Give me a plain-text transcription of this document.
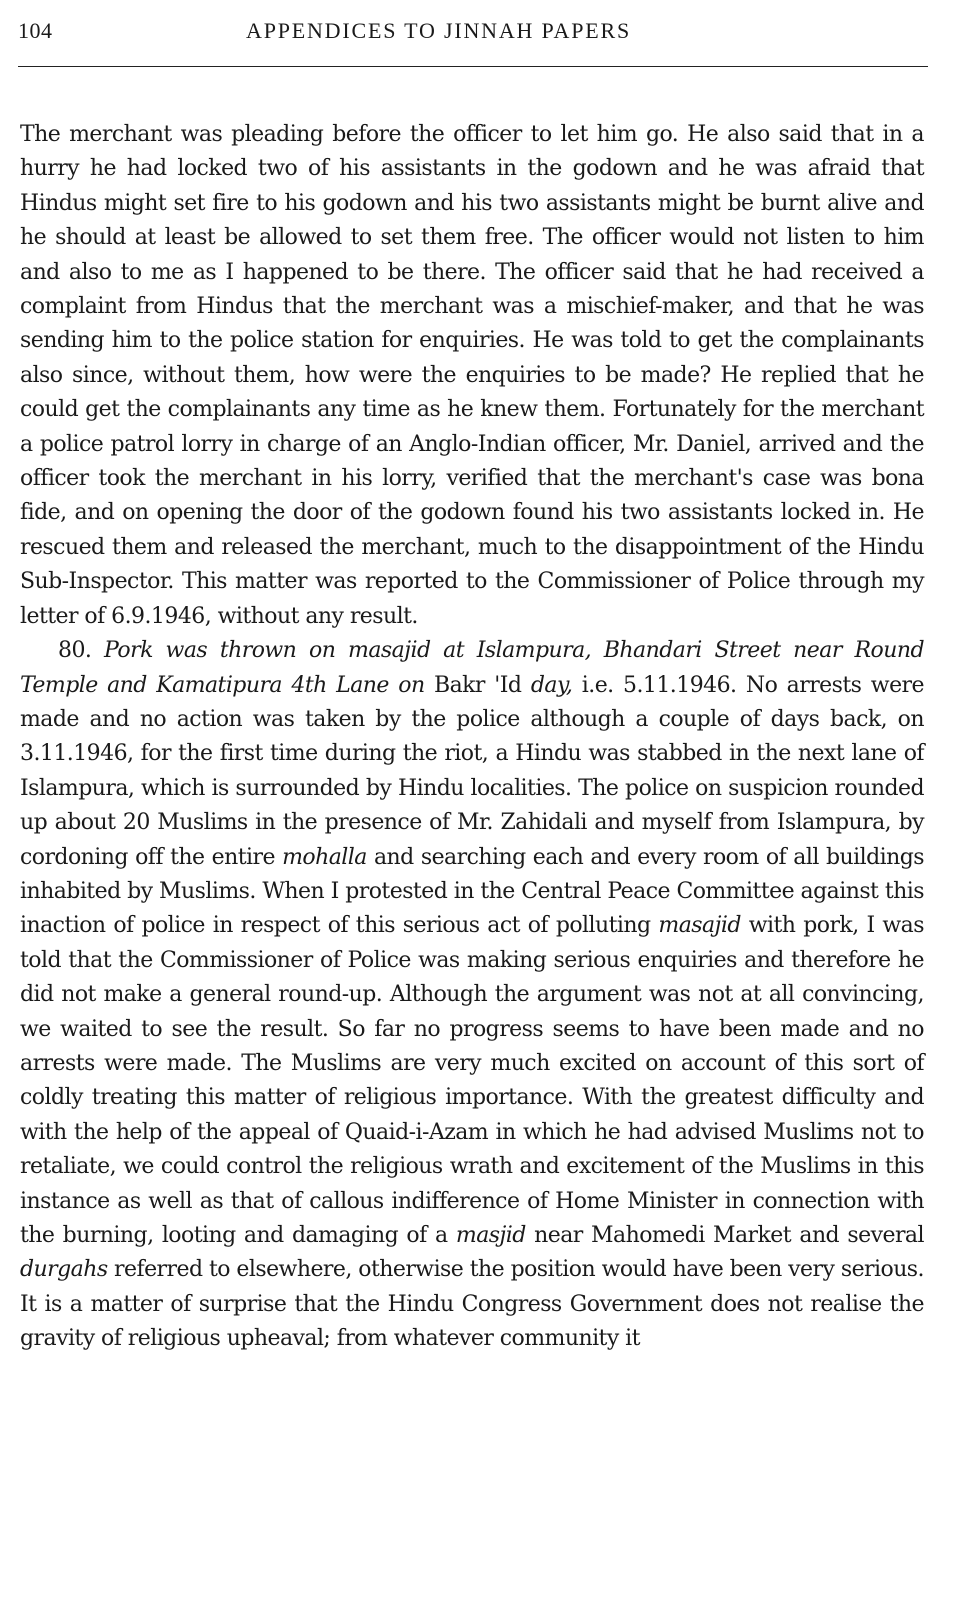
104	APPENDICES TO JINNAH PAPERS

The merchant was pleading before the officer to let him go. He also said that in a hurry he had locked two of his assistants in the godown and he was afraid that Hindus might set fire to his godown and his two assistants might be burnt alive and he should at least be allowed to set them free. The officer would not listen to him and also to me as I happened to be there. The officer said that he had received a complaint from Hindus that the merchant was a mischief-maker, and that he was sending him to the police station for enquiries. He was told to get the complainants also since, without them, how were the enquiries to be made? He replied that he could get the complainants any time as he knew them. Fortunately for the merchant a police patrol lorry in charge of an Anglo-Indian officer, Mr. Daniel, arrived and the officer took the merchant in his lorry, verified that the merchant's case was bona fide, and on opening the door of the godown found his two assistants locked in. He rescued them and released the merchant, much to the disappointment of the Hindu Sub-Inspector. This matter was reported to the Commissioner of Police through my letter of 6.9.1946, without any result.

80. Pork was thrown on masajid at Islampura, Bhandari Street near Round Temple and Kamatipura 4th Lane on Bakr 'Id day, i.e. 5.11.1946. No arrests were made and no action was taken by the police although a couple of days back, on 3.11.1946, for the first time during the riot, a Hindu was stabbed in the next lane of Islampura, which is surrounded by Hindu localities. The police on suspicion rounded up about 20 Muslims in the presence of Mr. Zahidali and myself from Islampura, by cordoning off the entire mohalla and searching each and every room of all buildings inhabited by Muslims. When I protested in the Central Peace Committee against this inaction of police in respect of this serious act of polluting masajid with pork, I was told that the Commissioner of Police was making serious enquiries and therefore he did not make a general round-up. Although the argument was not at all convincing, we waited to see the result. So far no progress seems to have been made and no arrests were made. The Muslims are very much excited on account of this sort of coldly treating this matter of religious importance. With the greatest difficulty and with the help of the appeal of Quaid-i-Azam in which he had advised Muslims not to retaliate, we could control the religious wrath and excitement of the Muslims in this instance as well as that of callous indifference of Home Minister in connection with the burning, looting and damaging of a masjid near Mahomedi Market and several durgahs referred to elsewhere, otherwise the position would have been very serious. It is a matter of surprise that the Hindu Congress Government does not realise the gravity of religious upheaval; from whatever community it
